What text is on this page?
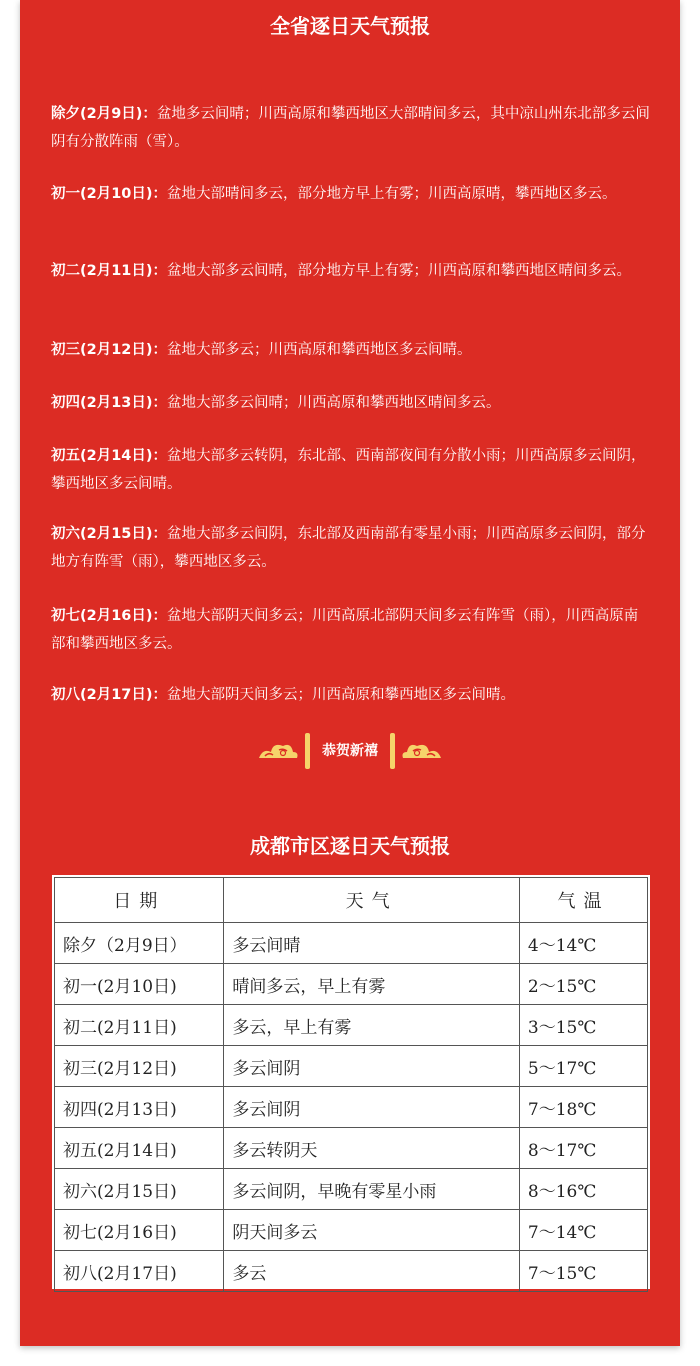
全省逐日天气预报

除夕(2月9日)：盆地多云间晴；川西高原和攀西地区大部晴间多云，其中凉山州东北部多云间阴有分散阵雨（雪）。

初一(2月10日)：盆地大部晴间多云，部分地方早上有雾；川西高原晴，攀西地区多云。

初二(2月11日)：盆地大部多云间晴，部分地方早上有雾；川西高原和攀西地区晴间多云。

初三(2月12日)：盆地大部多云；川西高原和攀西地区多云间晴。

初四(2月13日)：盆地大部多云间晴；川西高原和攀西地区晴间多云。

初五(2月14日)：盆地大部多云转阴，东北部、西南部夜间有分散小雨；川西高原多云间阴，攀西地区多云间晴。

初六(2月15日)：盆地大部多云间阴，东北部及西南部有零星小雨；川西高原多云间阴，部分地方有阵雪（雨），攀西地区多云。

初七(2月16日)：盆地大部阴天间多云；川西高原北部阴天间多云有阵雪（雨），川西高原南部和攀西地区多云。

初八(2月17日)：盆地大部阴天间多云；川西高原和攀西地区多云间晴。

恭贺新禧
成都市区逐日天气预报
日期	天气	气温
除夕（2月9日）	多云间晴	4～14℃
初一(2月10日)	晴间多云，早上有雾	2～15℃
初二(2月11日)	多云，早上有雾	3～15℃
初三(2月12日)	多云间阴	5～17℃
初四(2月13日)	多云间阴	7～18℃
初五(2月14日)	多云转阴天	8～17℃
初六(2月15日)	多云间阴，早晚有零星小雨	8～16℃
初七(2月16日)	阴天间多云	7～14℃
初八(2月17日)	多云	7～15℃
